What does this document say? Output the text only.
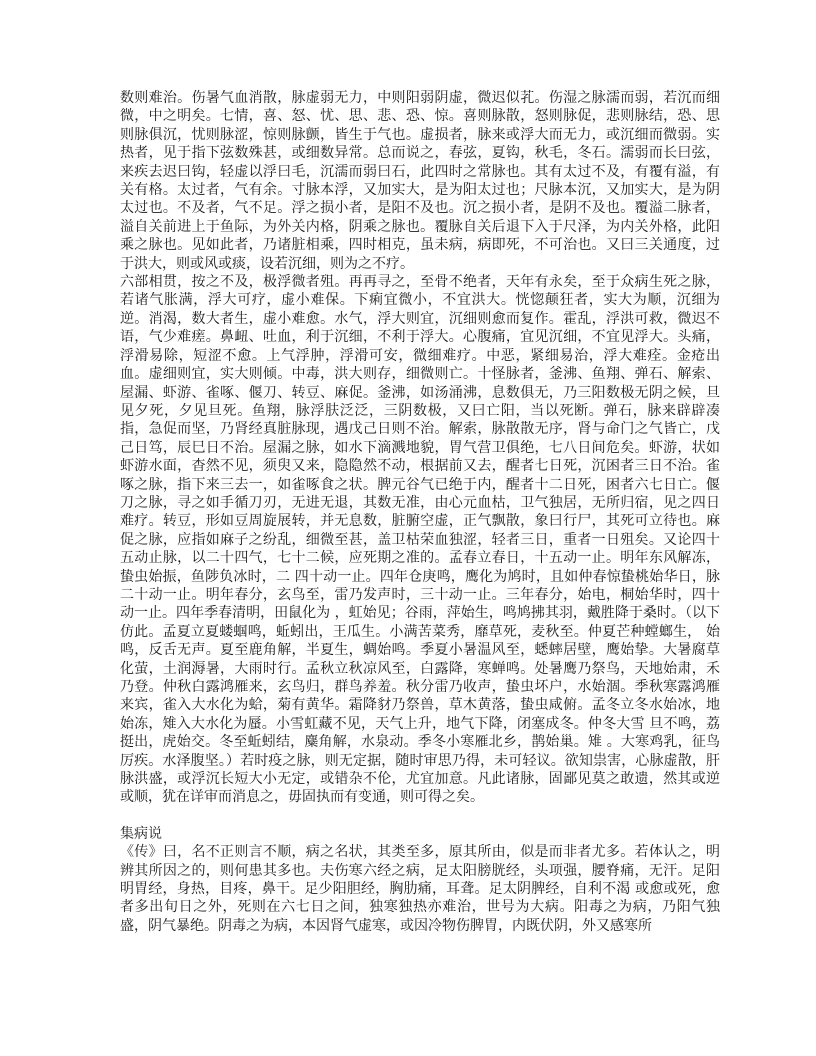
数则难治。伤暑气血消散，脉虚弱无力，中则阳弱阴虚，微迟似芤。伤湿之脉濡而弱，若沉而细微，中之明矣。七情，喜、怒、忧、思、悲、恐、惊。喜则脉散，怒则脉促，悲则脉结，恐、思则脉俱沉，忧则脉涩，惊则脉颤，皆生于气也。虚损者，脉来或浮大而无力，或沉细而微弱。实热者，见于指下弦数殊甚，或细数异常。总而说之，春弦，夏钩，秋毛，冬石。濡弱而长曰弦，来疾去迟曰钩，轻虚以浮曰毛，沉濡而弱曰石，此四时之常脉也。其有太过不及，有覆有溢，有关有格。太过者，气有余。寸脉本浮，又加实大，是为阳太过也；尺脉本沉，又加实大，是为阴太过也。不及者，气不足。浮之损小者，是阳不及也。沉之损小者，是阴不及也。覆溢二脉者，溢自关前进上于鱼际，为外关内格，阴乘之脉也。覆脉自关后退下入于尺泽，为内关外格，此阳乘之脉也。见如此者，乃诸脏相乘，四时相克，虽未病，病即死，不可治也。又曰三关通度，过于洪大，则或风或痰，设若沉细，则为之不疗。

六部相贯，按之不及，极浮微者殂。再再寻之，至骨不绝者，天年有永矣，至于众病生死之脉，若诸气胀满，浮大可疗，虚小难保。下痢宜微小，不宜洪大。恍惚颠狂者，实大为顺，沉细为逆。消渴，数大者生，虚小难愈。水气，浮大则宜，沉细则愈而复作。霍乱，浮洪可救，微迟不语，气少难瘥。鼻衄、吐血，利于沉细，不利于浮大。心腹痛，宜见沉细，不宜见浮大。头痛，浮滑易除，短涩不愈。上气浮肿，浮滑可安，微细难疗。中恶，紧细易治，浮大难痊。金疮出血。虚细则宜，实大则倾。中毒，洪大则存，细微则亡。十怪脉者，釜沸、鱼翔、弹石、解索、屋漏、虾游、雀啄、偃刀、转豆、麻促。釜沸，如汤涌沸，息数俱无，乃三阳数极无阴之候，旦见夕死，夕见旦死。鱼翔，脉浮肤泛泛，三阴数极，又曰亡阳，当以死断。弹石，脉来辟辟凑指，急促而坚，乃肾经真脏脉现，遇戊己日则不治。解索，脉散散无序，肾与命门之气皆亡，戊己日笃，辰巳日不治。屋漏之脉，如水下滴溅地貌，胃气营卫俱绝，七八日间危矣。虾游，状如虾游水面，杳然不见，须臾又来，隐隐然不动，根据前又去，醒者七日死，沉困者三日不治。雀啄之脉，指下来三去一，如雀啄食之状。脾元谷气已绝于内，醒者十二日死，困者六七日亡。偃刀之脉，寻之如手循刀刃，无进无退，其数无准，由心元血枯，卫气独居，无所归宿，见之四日难疗。转豆，形如豆周旋展转，并无息数，脏腑空虚，正气飘散，象曰行尸，其死可立待也。麻促之脉，应指如麻子之纷乱，细微至甚，盖卫枯荣血独涩，轻者三日，重者一日殂矣。又论四十五动止脉，以二十四气，七十二候，应死期之准的。孟春立春日，十五动一止。明年东风解冻，蛰虫始振，鱼陟负冰时，二 四十动一止。四年仓庚鸣，鹰化为鸠时，且如仲春惊蛰桃始华日，脉二十动一止。明年春分，玄鸟至，雷乃发声时，三十动一止。三年春分，始电，桐始华时，四十动一止。四年季春清明，田鼠化为 ，虹始见；谷雨，萍始生，鸣鸠拂其羽，戴胜降于桑时。（以下仿此。孟夏立夏蝼蝈鸣，蚯蚓出，王瓜生。小满苦菜秀，靡草死，麦秋至。仲夏芒种螳螂生， 始鸣，反舌无声。夏至鹿角解，半夏生，蜩始鸣。季夏小暑温风至，蟋蟀居壁，鹰始挚。大暑腐草化萤，土润溽暑，大雨时行。孟秋立秋凉风至，白露降，寒蝉鸣。处暑鹰乃祭鸟，天地始肃，禾乃登。仲秋白露鸿雁来，玄鸟归，群鸟养羞。秋分雷乃收声，蛰虫坏户，水始涸。季秋寒露鸿雁来宾，雀入大水化为蛤，菊有黄华。霜降豺乃祭兽，草木黄落，蛰虫咸俯。孟冬立冬水始冰，地始冻，雉入大水化为蜃。小雪虹藏不见，天气上升，地气下降，闭塞成冬。仲冬大雪 旦不鸣，荔挺出，虎始交。冬至蚯蚓结，麋角解，水泉动。季冬小寒雁北乡，鹊始巢。雉 。大寒鸡乳，征鸟厉疾。水泽腹坚。）若时疫之脉，则无定据，随时审思乃得，未可轻议。欲知祟害，心脉虚散，肝脉洪盛，或浮沉长短大小无定，或错杂不伦，尤宜加意。凡此诸脉，固鄙见莫之敢遗，然其或逆或顺，犹在详审而消息之，毋固执而有变通，则可得之矣。

集病说

《传》曰，名不正则言不顺，病之名状，其类至多，原其所由，似是而非者尤多。若体认之，明辨其所因之的，则何患其多也。夫伤寒六经之病，足太阳膀胱经，头项强，腰脊痛，无汗。足阳明胃经，身热，目疼，鼻干。足少阳胆经，胸肋痛，耳聋。足太阴脾经，自利不渴 或愈或死，愈者多出旬日之外，死则在六七日之间，独寒独热亦难治，世号为大病。阳毒之为病，乃阳气独盛，阴气暴绝。阴毒之为病，本因肾气虚寒，或因冷物伤脾胃，内既伏阴，外又感寒所
